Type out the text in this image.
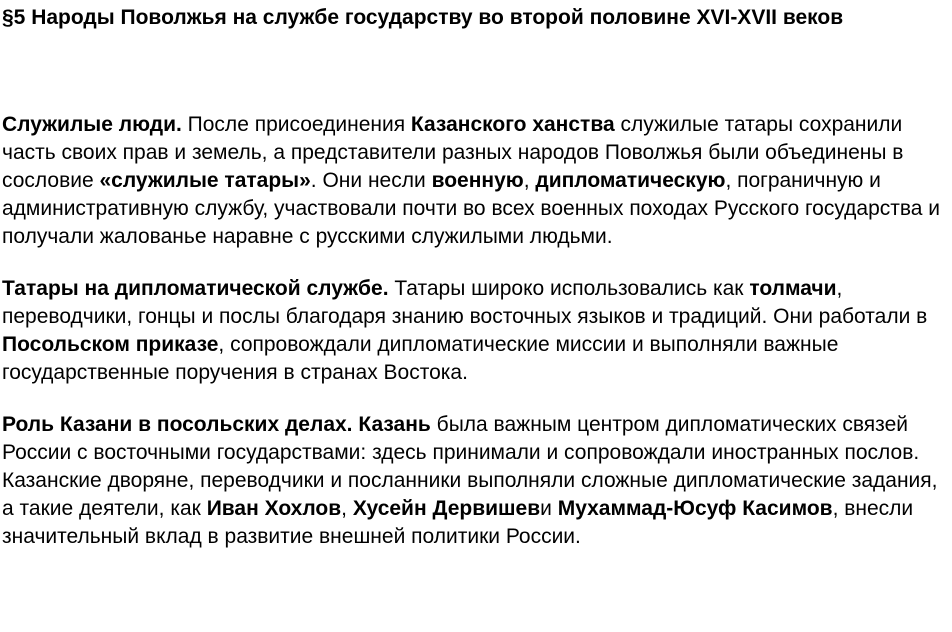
§5 Народы Поволжья на службе государству во второй половине XVI-XVII веков

Служилые люди. После присоединения Казанского ханства служилые татары сохранили часть своих прав и земель, а представители разных народов Поволжья были объединены в сословие «служилые татары». Они несли военную, дипломатическую, пограничную и административную службу, участвовали почти во всех военных походах Русского государства и получали жалованье наравне с русскими служилыми людьми.

Татары на дипломатической службе. Татары широко использовались как толмачи, переводчики, гонцы и послы благодаря знанию восточных языков и традиций. Они работали в Посольском приказе, сопровождали дипломатические миссии и выполняли важные государственные поручения в странах Востока.

Роль Казани в посольских делах. Казань была важным центром дипломатических связей России с восточными государствами: здесь принимали и сопровождали иностранных послов. Казанские дворяне, переводчики и посланники выполняли сложные дипломатические задания, а такие деятели, как Иван Хохлов, Хусейн Дервишеви Мухаммад-Юсуф Касимов, внесли значительный вклад в развитие внешней политики России.
